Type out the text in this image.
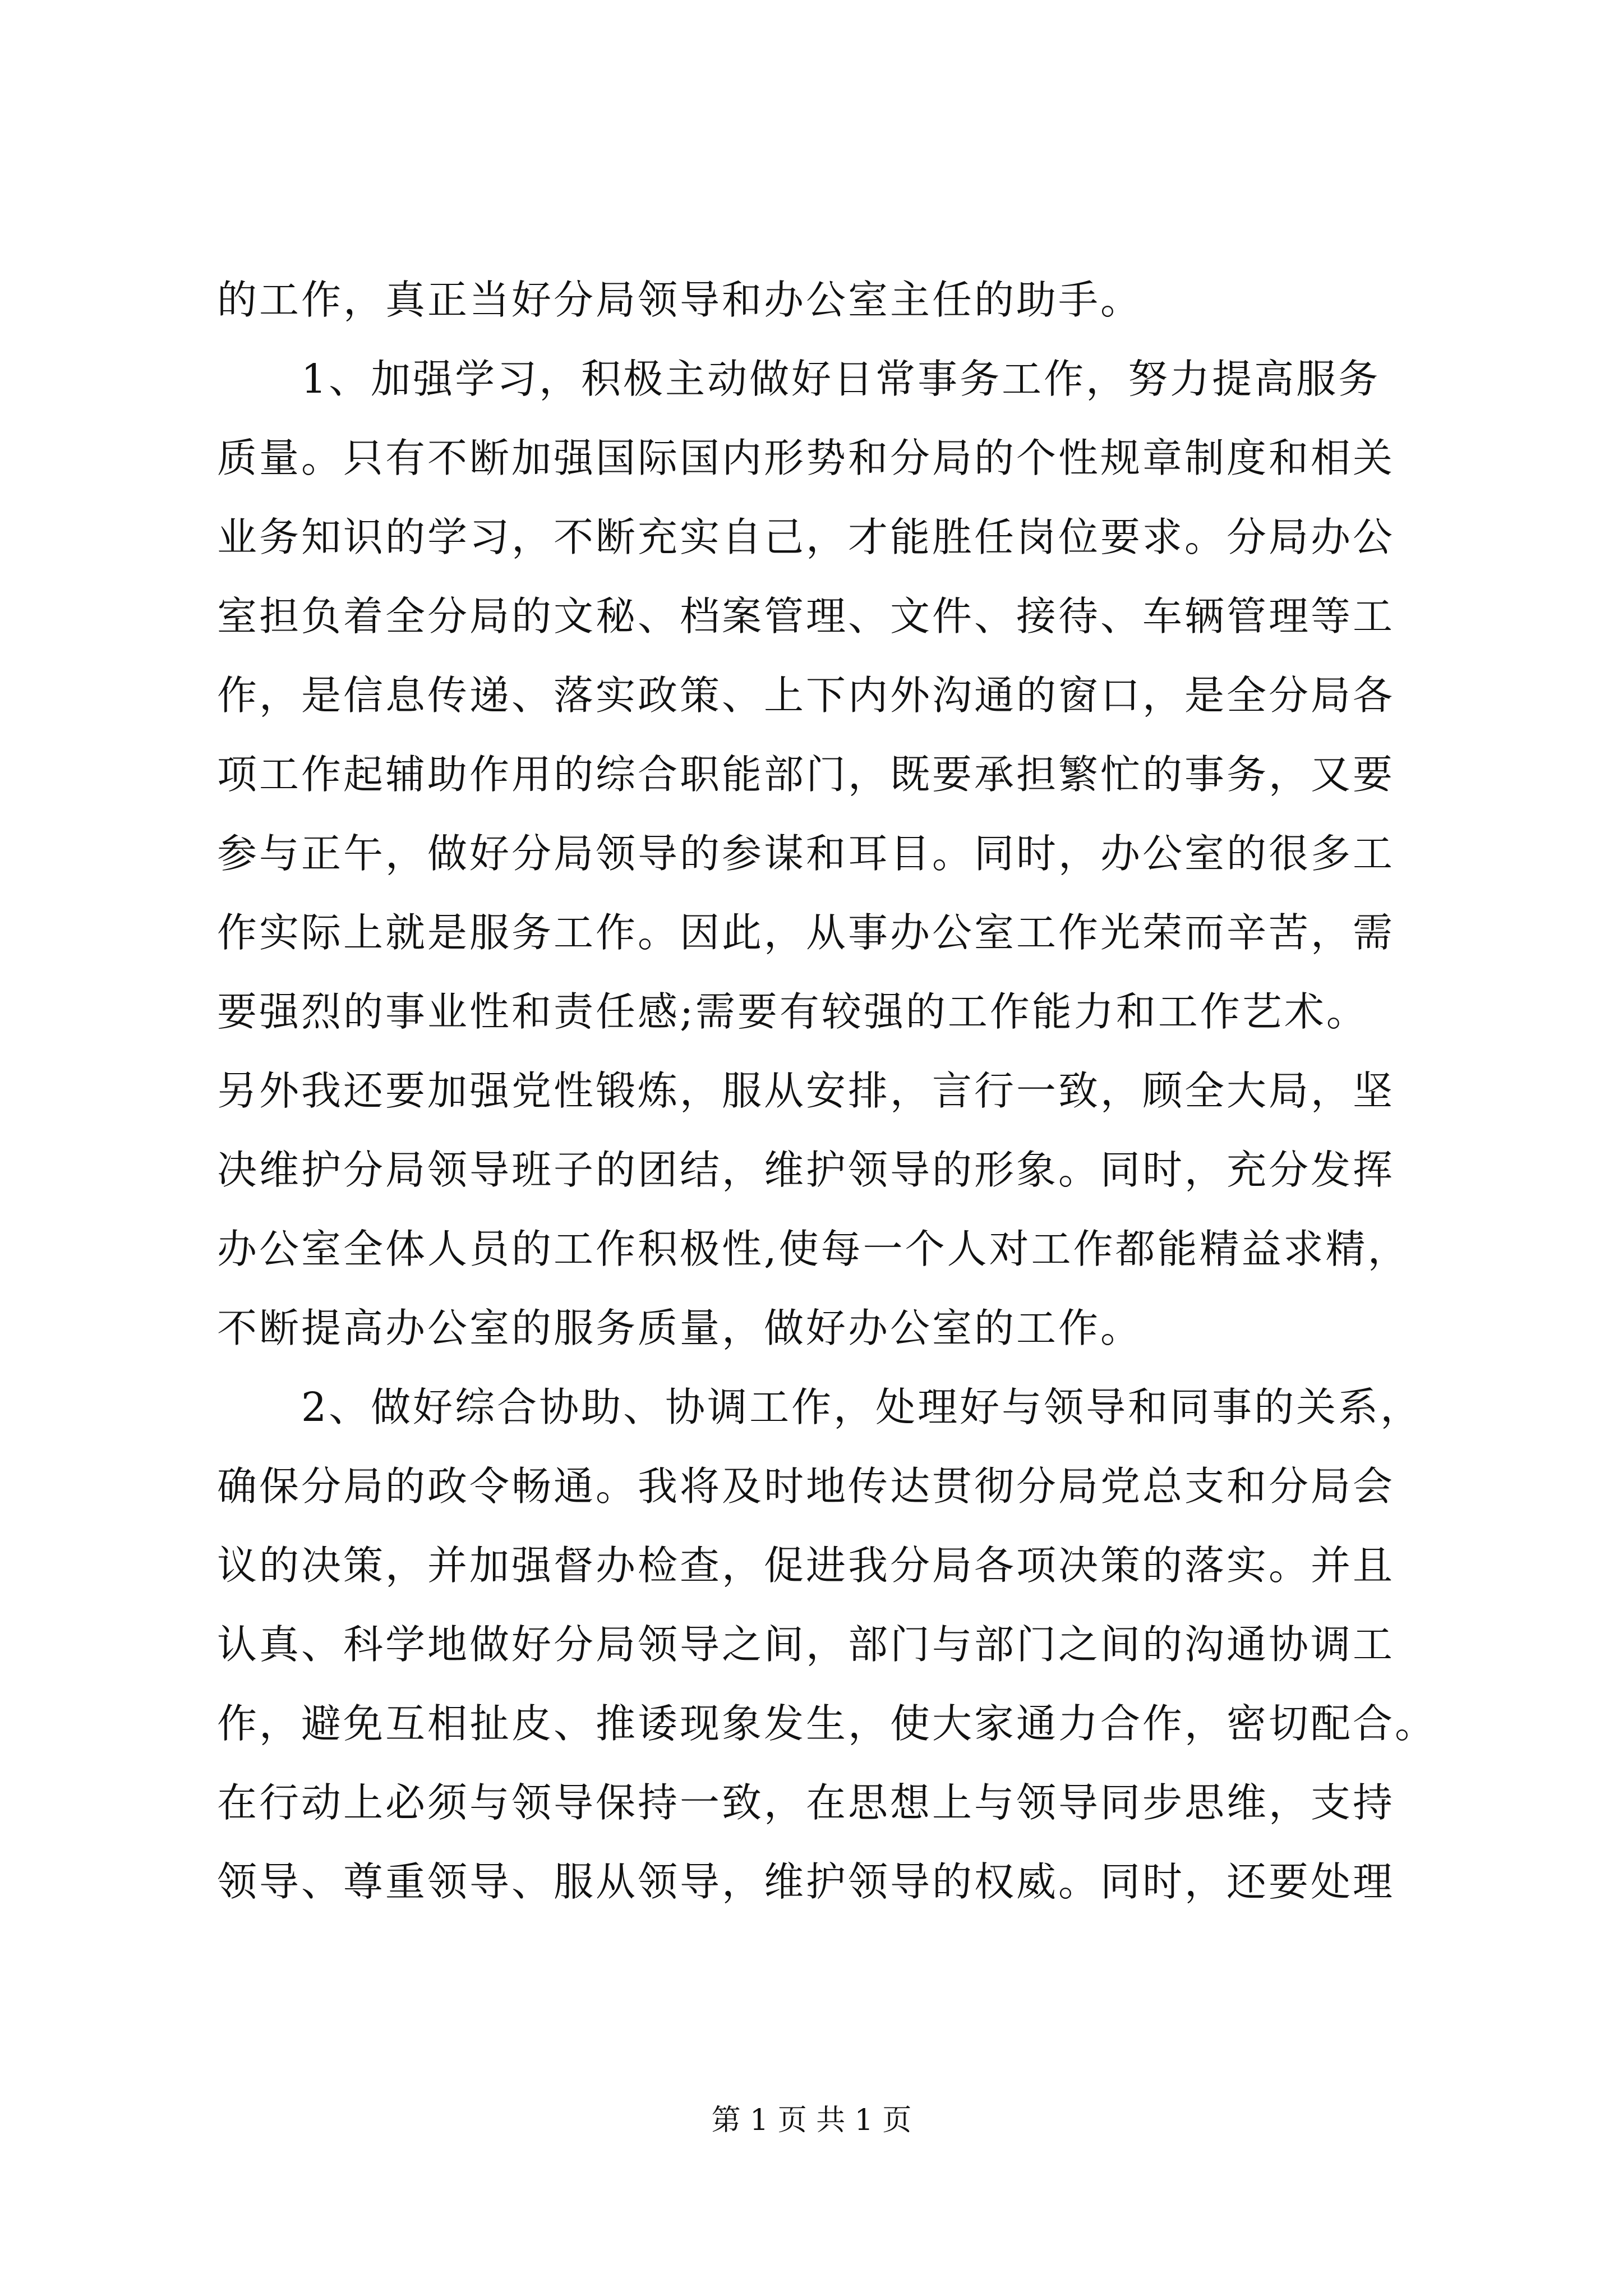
的工作，真正当好分局领导和办公室主任的助手。
　　1、加强学习，积极主动做好日常事务工作，努力提高服务
质量。只有不断加强国际国内形势和分局的个性规章制度和相关
业务知识的学习，不断充实自己，才能胜任岗位要求。分局办公
室担负着全分局的文秘、档案管理、文件、接待、车辆管理等工
作，是信息传递、落实政策、上下内外沟通的窗口，是全分局各
项工作起辅助作用的综合职能部门，既要承担繁忙的事务，又要
参与正午，做好分局领导的参谋和耳目。同时，办公室的很多工
作实际上就是服务工作。因此，从事办公室工作光荣而辛苦，需
要强烈的事业性和责任感;需要有较强的工作能力和工作艺术。
另外我还要加强党性锻炼，服从安排，言行一致，顾全大局，坚
决维护分局领导班子的团结，维护领导的形象。同时，充分发挥
办公室全体人员的工作积极性,使每一个人对工作都能精益求精，
不断提高办公室的服务质量，做好办公室的工作。
　　2、做好综合协助、协调工作，处理好与领导和同事的关系，
确保分局的政令畅通。我将及时地传达贯彻分局党总支和分局会
议的决策，并加强督办检查，促进我分局各项决策的落实。并且
认真、科学地做好分局领导之间，部门与部门之间的沟通协调工
作，避免互相扯皮、推诿现象发生，使大家通力合作，密切配合。
在行动上必须与领导保持一致，在思想上与领导同步思维，支持
领导、尊重领导、服从领导，维护领导的权威。同时，还要处理
第 1 页 共 1 页
